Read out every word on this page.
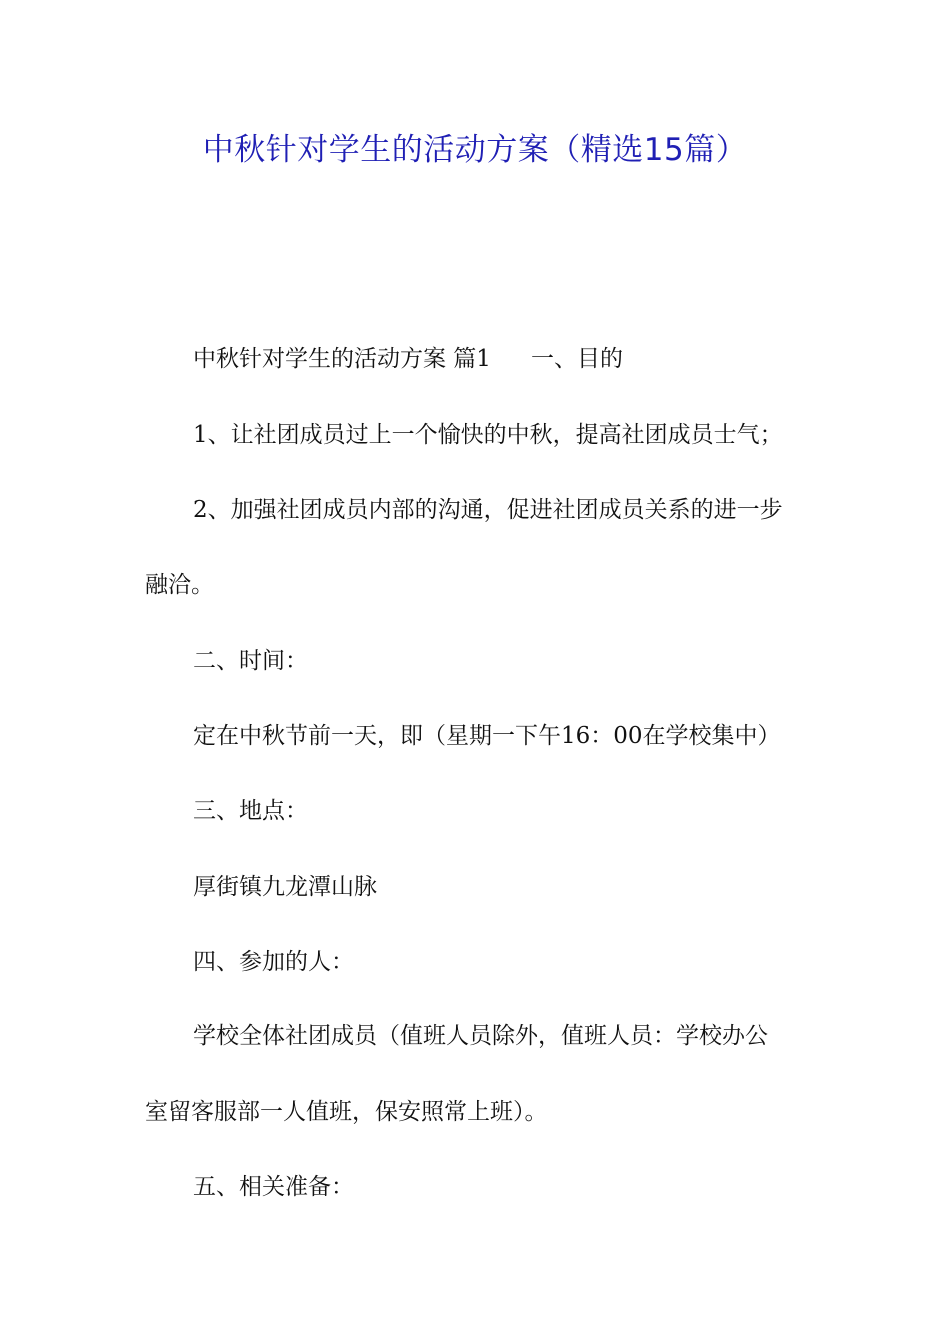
中秋针对学生的活动方案（精选15篇）
中秋针对学生的活动方案 篇1 一、目的
1、让社团成员过上一个愉快的中秋，提高社团成员士气；
2、加强社团成员内部的沟通，促进社团成员关系的进一步
融洽。
二、时间：
定在中秋节前一天，即（星期一下午16：00在学校集中）
三、地点：
厚街镇九龙潭山脉
四、参加的人：
学校全体社团成员（值班人员除外，值班人员：学校办公
室留客服部一人值班，保安照常上班）。
五、相关准备：
